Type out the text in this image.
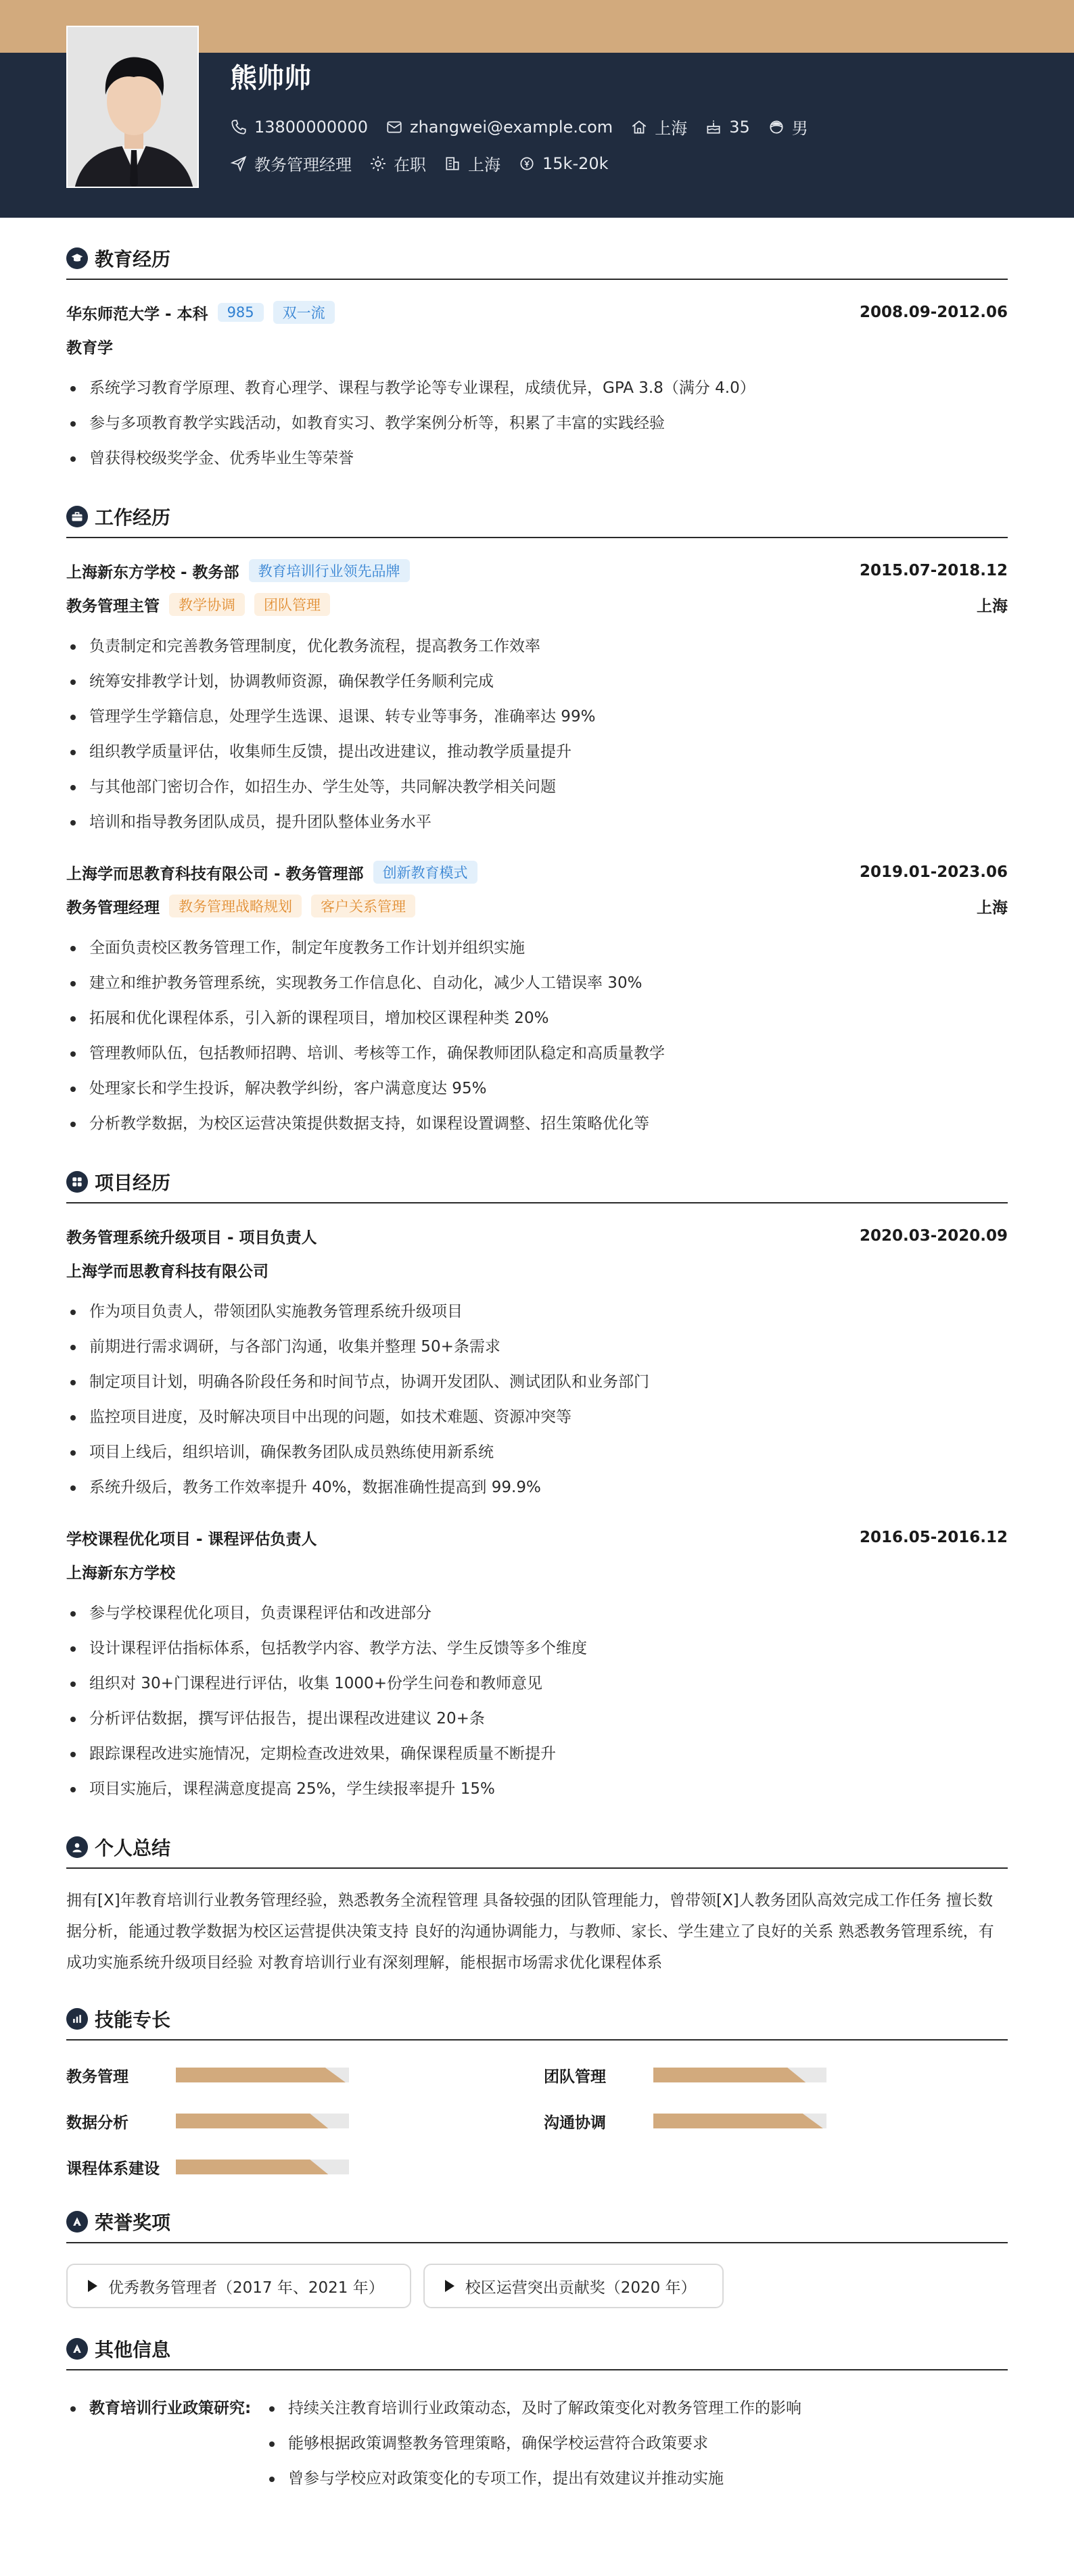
熊帅帅
13800000000	zhangwei@example.com	上海	35	男
教务管理经理	在职	上海	15k-20k
教育经历
华东师范大学 - 本科	985	双一流	2008.09-2012.06
教育学
系统学习教育学原理、教育心理学、课程与教学论等专业课程，成绩优异，GPA 3.8（满分 4.0）
参与多项教育教学实践活动，如教育实习、教学案例分析等，积累了丰富的实践经验
曾获得校级奖学金、优秀毕业生等荣誉
工作经历
上海新东方学校 - 教务部	教育培训行业领先品牌	2015.07-2018.12
教务管理主管	教学协调	团队管理	上海
负责制定和完善教务管理制度，优化教务流程，提高教务工作效率
统筹安排教学计划，协调教师资源，确保教学任务顺利完成
管理学生学籍信息，处理学生选课、退课、转专业等事务，准确率达 99%
组织教学质量评估，收集师生反馈，提出改进建议，推动教学质量提升
与其他部门密切合作，如招生办、学生处等，共同解决教学相关问题
培训和指导教务团队成员，提升团队整体业务水平
上海学而思教育科技有限公司 - 教务管理部	创新教育模式	2019.01-2023.06
教务管理经理	教务管理战略规划	客户关系管理	上海
全面负责校区教务管理工作，制定年度教务工作计划并组织实施
建立和维护教务管理系统，实现教务工作信息化、自动化，减少人工错误率 30%
拓展和优化课程体系，引入新的课程项目，增加校区课程种类 20%
管理教师队伍，包括教师招聘、培训、考核等工作，确保教师团队稳定和高质量教学
处理家长和学生投诉，解决教学纠纷，客户满意度达 95%
分析教学数据，为校区运营决策提供数据支持，如课程设置调整、招生策略优化等
项目经历
教务管理系统升级项目 - 项目负责人	2020.03-2020.09
上海学而思教育科技有限公司
作为项目负责人，带领团队实施教务管理系统升级项目
前期进行需求调研，与各部门沟通，收集并整理 50+条需求
制定项目计划，明确各阶段任务和时间节点，协调开发团队、测试团队和业务部门
监控项目进度，及时解决项目中出现的问题，如技术难题、资源冲突等
项目上线后，组织培训，确保教务团队成员熟练使用新系统
系统升级后，教务工作效率提升 40%，数据准确性提高到 99.9%
学校课程优化项目 - 课程评估负责人	2016.05-2016.12
上海新东方学校
参与学校课程优化项目，负责课程评估和改进部分
设计课程评估指标体系，包括教学内容、教学方法、学生反馈等多个维度
组织对 30+门课程进行评估，收集 1000+份学生问卷和教师意见
分析评估数据，撰写评估报告，提出课程改进建议 20+条
跟踪课程改进实施情况，定期检查改进效果，确保课程质量不断提升
项目实施后，课程满意度提高 25%，学生续报率提升 15%
个人总结
拥有[X]年教育培训行业教务管理经验，熟悉教务全流程管理 具备较强的团队管理能力，曾带领[X]人教务团队高效完成工作任务 擅长数据分析，能通过教学数据为校区运营提供决策支持 良好的沟通协调能力，与教师、家长、学生建立了良好的关系 熟悉教务管理系统，有成功实施系统升级项目经验 对教育培训行业有深刻理解，能根据市场需求优化课程体系
技能专长
教务管理	团队管理
数据分析	沟通协调
课程体系建设
荣誉奖项
优秀教务管理者（2017 年、2021 年）	校区运营突出贡献奖（2020 年）
其他信息
教育培训行业政策研究:	持续关注教育培训行业政策动态，及时了解政策变化对教务管理工作的影响
能够根据政策调整教务管理策略，确保学校运营符合政策要求
曾参与学校应对政策变化的专项工作，提出有效建议并推动实施
